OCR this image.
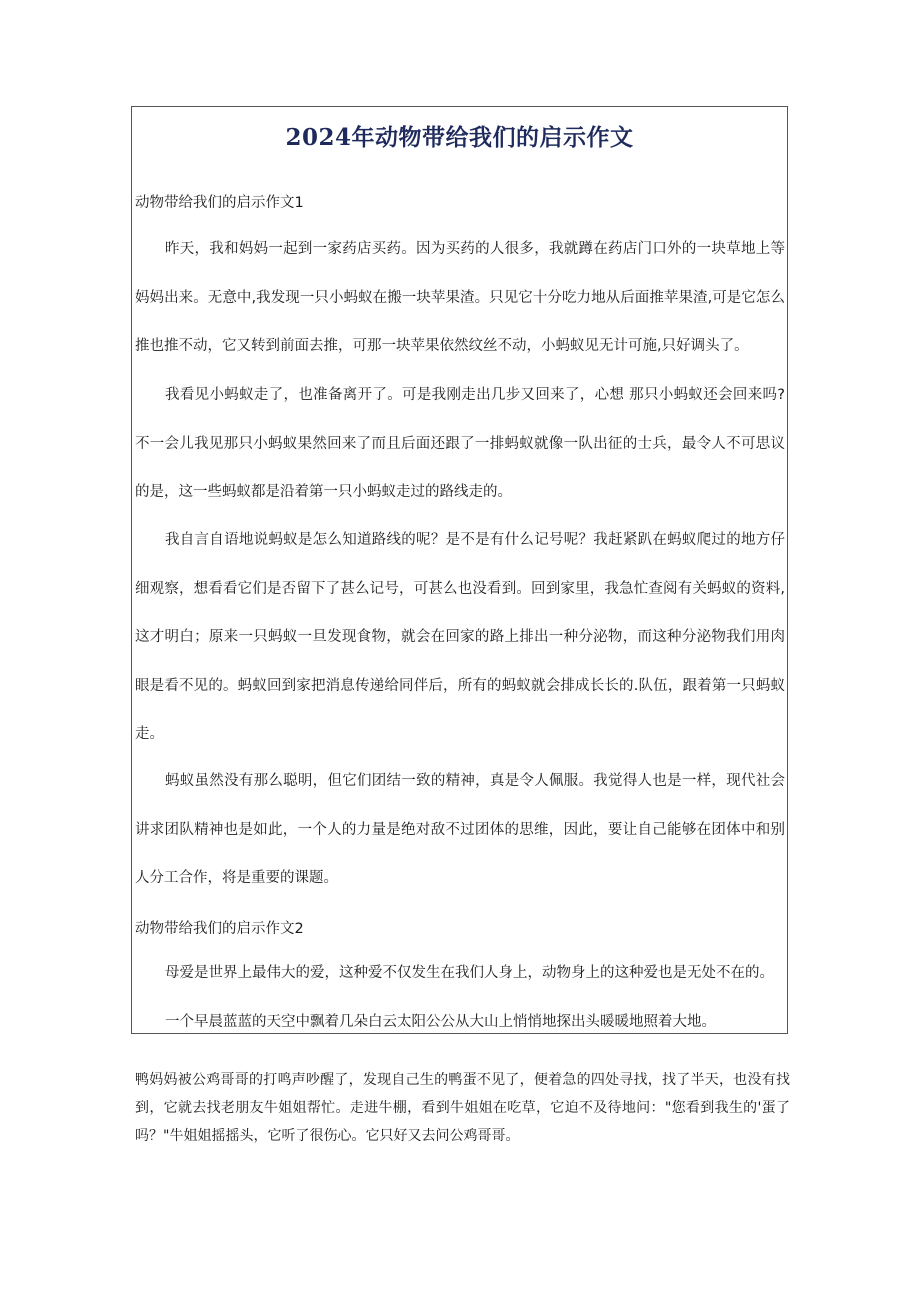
2024年动物带给我们的启示作文

动物带给我们的启示作文1

昨天，我和妈妈一起到一家药店买药。因为买药的人很多，我就蹲在药店门口外的一块草地上等妈妈出来。无意中,我发现一只小蚂蚁在搬一块苹果渣。只见它十分吃力地从后面推苹果渣,可是它怎么推也推不动，它又转到前面去推，可那一块苹果依然纹丝不动，小蚂蚁见无计可施,只好调头了。

我看见小蚂蚁走了，也准备离开了。可是我刚走出几步又回来了，心想 那只小蚂蚁还会回来吗?不一会儿我见那只小蚂蚁果然回来了而且后面还跟了一排蚂蚁就像一队出征的士兵，最令人不可思议的是，这一些蚂蚁都是沿着第一只小蚂蚁走过的路线走的。

我自言自语地说蚂蚁是怎么知道路线的呢？是不是有什么记号呢？我赶紧趴在蚂蚁爬过的地方仔细观察，想看看它们是否留下了甚么记号，可甚么也没看到。回到家里，我急忙查阅有关蚂蚁的资料,这才明白；原来一只蚂蚁一旦发现食物，就会在回家的路上排出一种分泌物，而这种分泌物我们用肉眼是看不见的。蚂蚁回到家把消息传递给同伴后，所有的蚂蚁就会排成长长的.队伍，跟着第一只蚂蚁走。

蚂蚁虽然没有那么聪明，但它们团结一致的精神，真是令人佩服。我觉得人也是一样，现代社会讲求团队精神也是如此，一个人的力量是绝对敌不过团体的思维，因此，要让自己能够在团体中和别人分工合作，将是重要的课题。

动物带给我们的启示作文2

母爱是世界上最伟大的爱，这种爱不仅发生在我们人身上，动物身上的这种爱也是无处不在的。

一个早晨蓝蓝的天空中飘着几朵白云太阳公公从大山上悄悄地探出头暖暖地照着大地。

鸭妈妈被公鸡哥哥的打鸣声吵醒了，发现自己生的鸭蛋不见了，便着急的四处寻找，找了半天，也没有找到，它就去找老朋友牛姐姐帮忙。走进牛棚，看到牛姐姐在吃草，它迫不及待地问："您看到我生的'蛋了吗？"牛姐姐摇摇头，它听了很伤心。它只好又去问公鸡哥哥。
